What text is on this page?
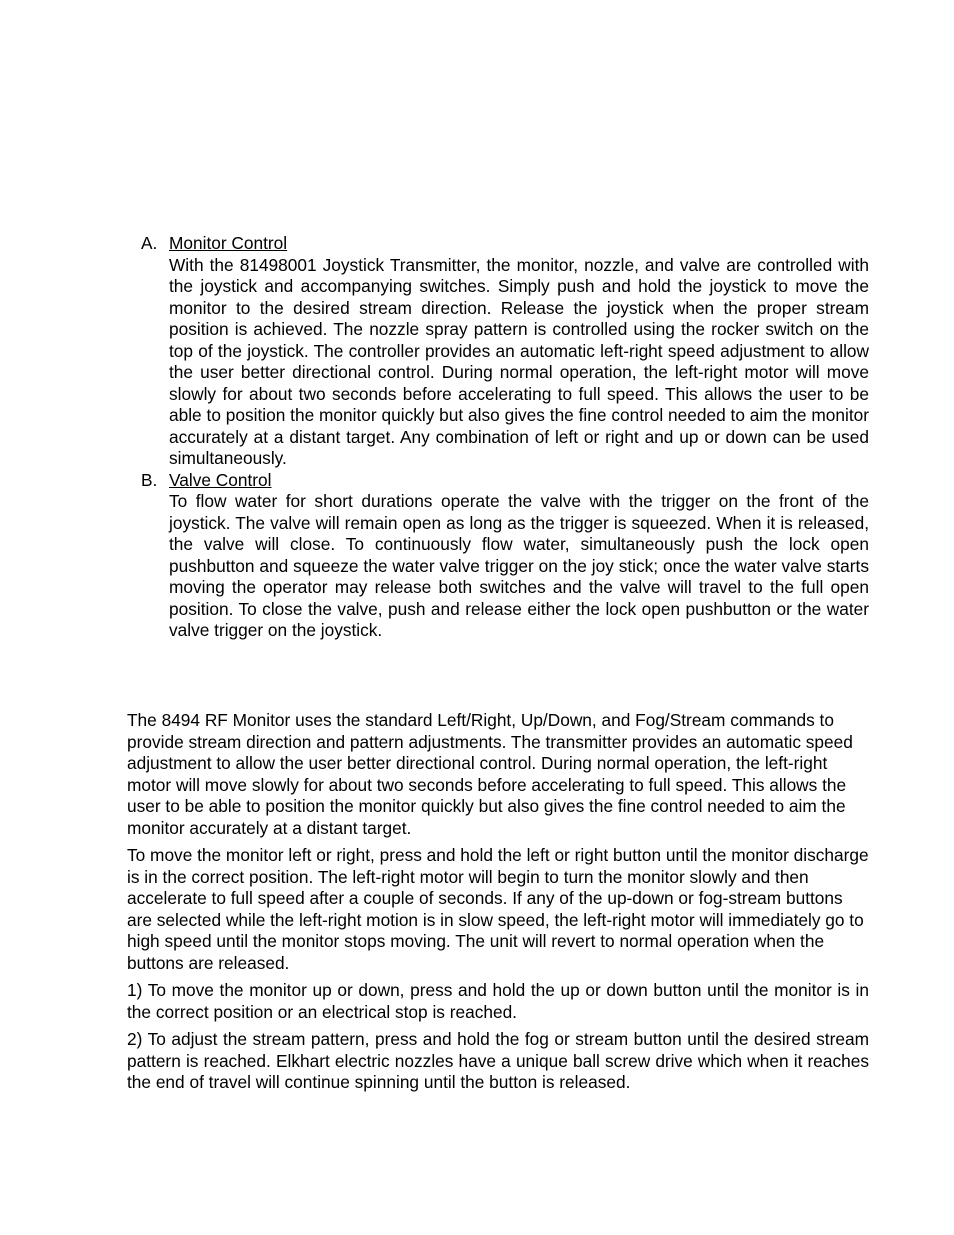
A. Monitor Control
With the 81498001 Joystick Transmitter, the monitor, nozzle, and valve are controlled with the joystick and accompanying switches. Simply push and hold the joystick to move the monitor to the desired stream direction. Release the joystick when the proper stream position is achieved. The nozzle spray pattern is controlled using the rocker switch on the top of the joystick. The controller provides an automatic left-right speed adjustment to allow the user better directional control. During normal operation, the left-right motor will move slowly for about two seconds before accelerating to full speed. This allows the user to be able to position the monitor quickly but also gives the fine control needed to aim the monitor accurately at a distant target. Any combination of left or right and up or down can be used simultaneously.
B. Valve Control
To flow water for short durations operate the valve with the trigger on the front of the joystick. The valve will remain open as long as the trigger is squeezed. When it is released, the valve will close. To continuously flow water, simultaneously push the lock open pushbutton and squeeze the water valve trigger on the joy stick; once the water valve starts moving the operator may release both switches and the valve will travel to the full open position. To close the valve, push and release either the lock open pushbutton or the water valve trigger on the joystick.

The 8494 RF Monitor uses the standard Left/Right, Up/Down, and Fog/Stream commands to provide stream direction and pattern adjustments. The transmitter provides an automatic speed adjustment to allow the user better directional control. During normal operation, the left-right motor will move slowly for about two seconds before accelerating to full speed. This allows the user to be able to position the monitor quickly but also gives the fine control needed to aim the monitor accurately at a distant target.

To move the monitor left or right, press and hold the left or right button until the monitor discharge is in the correct position. The left-right motor will begin to turn the monitor slowly and then accelerate to full speed after a couple of seconds. If any of the up-down or fog-stream buttons are selected while the left-right motion is in slow speed, the left-right motor will immediately go to high speed until the monitor stops moving. The unit will revert to normal operation when the buttons are released.

1) To move the monitor up or down, press and hold the up or down button until the monitor is in the correct position or an electrical stop is reached.

2) To adjust the stream pattern, press and hold the fog or stream button until the desired stream pattern is reached. Elkhart electric nozzles have a unique ball screw drive which when it reaches the end of travel will continue spinning until the button is released.
